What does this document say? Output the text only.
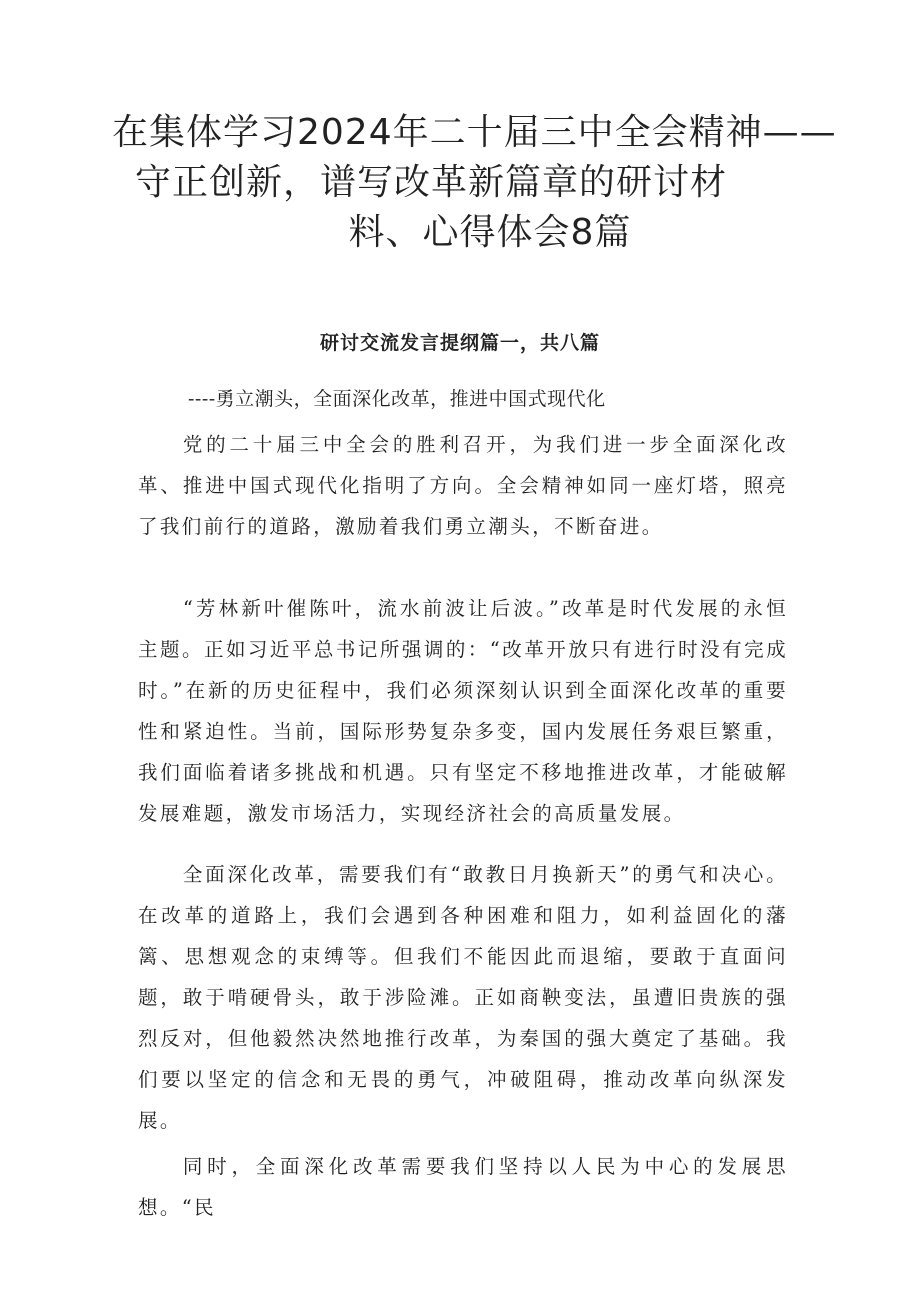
在集体学习2024年二十届三中全会精神——
守正创新，谱写改革新篇章的研讨材
料、心得体会8篇
研讨交流发言提纲篇一，共八篇

----勇立潮头，全面深化改革，推进中国式现代化

党的二十届三中全会的胜利召开，为我们进一步全面深化改革、推进中国式现代化指明了方向。全会精神如同一座灯塔，照亮了我们前行的道路，激励着我们勇立潮头，不断奋进。

“芳林新叶催陈叶，流水前波让后波。”改革是时代发展的永恒主题。正如习近平总书记所强调的：“改革开放只有进行时没有完成时。”在新的历史征程中，我们必须深刻认识到全面深化改革的重要性和紧迫性。当前，国际形势复杂多变，国内发展任务艰巨繁重，我们面临着诸多挑战和机遇。只有坚定不移地推进改革，才能破解发展难题，激发市场活力，实现经济社会的高质量发展。

全面深化改革，需要我们有“敢教日月换新天”的勇气和决心。在改革的道路上，我们会遇到各种困难和阻力，如利益固化的藩篱、思想观念的束缚等。但我们不能因此而退缩，要敢于直面问题，敢于啃硬骨头，敢于涉险滩。正如商鞅变法，虽遭旧贵族的强烈反对，但他毅然决然地推行改革，为秦国的强大奠定了基础。我们要以坚定的信念和无畏的勇气，冲破阻碍，推动改革向纵深发展。

同时，全面深化改革需要我们坚持以人民为中心的发展思想。“民
